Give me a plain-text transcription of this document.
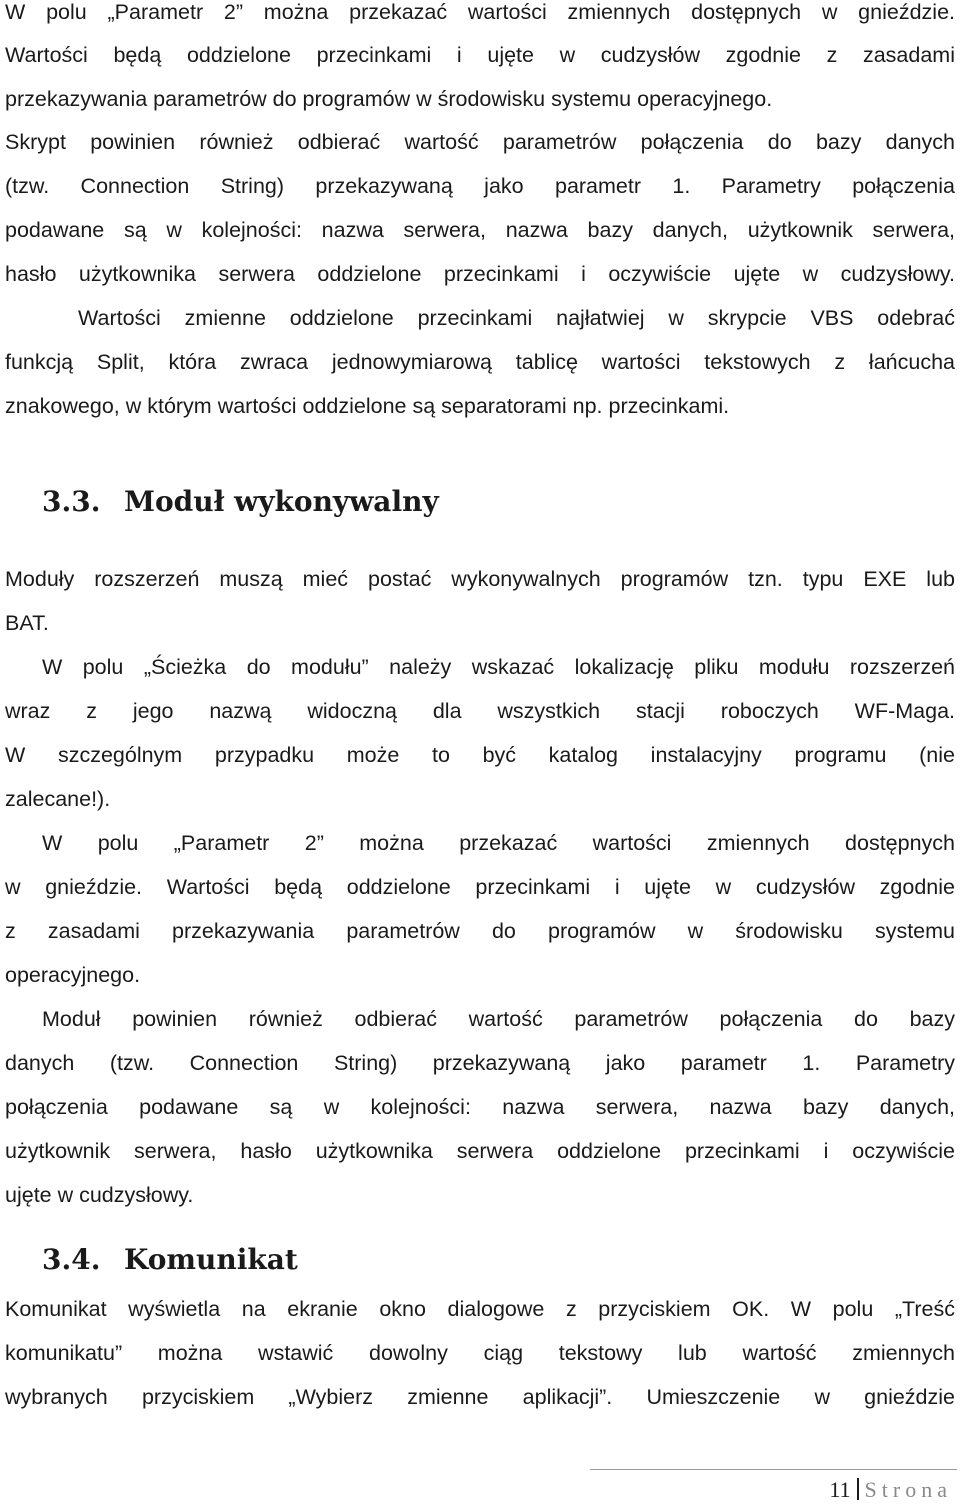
W polu „Parametr 2” można przekazać wartości zmiennych dostępnych w gnieździe.
Wartości będą oddzielone przecinkami i ujęte w cudzysłów zgodnie z zasadami
przekazywania parametrów do programów w środowisku systemu operacyjnego.
Skrypt powinien również odbierać wartość parametrów połączenia do bazy danych
(tzw. Connection String) przekazywaną jako parametr 1. Parametry połączenia
podawane są w kolejności: nazwa serwera, nazwa bazy danych, użytkownik serwera,
hasło użytkownika serwera oddzielone przecinkami i oczywiście ujęte w cudzysłowy.
Wartości zmienne oddzielone przecinkami najłatwiej w skrypcie VBS odebrać
funkcją Split, która zwraca jednowymiarową tablicę wartości tekstowych z łańcucha
znakowego, w którym wartości oddzielone są separatorami np. przecinkami.
3.3. Moduł wykonywalny
Moduły rozszerzeń muszą mieć postać wykonywalnych programów tzn. typu EXE lub
BAT.
W polu „Ścieżka do modułu” należy wskazać lokalizację pliku modułu rozszerzeń
wraz z jego nazwą widoczną dla wszystkich stacji roboczych WF-Maga.
W szczególnym przypadku może to być katalog instalacyjny programu (nie
zalecane!).
W polu „Parametr 2” można przekazać wartości zmiennych dostępnych
w gnieździe. Wartości będą oddzielone przecinkami i ujęte w cudzysłów zgodnie
z zasadami przekazywania parametrów do programów w środowisku systemu
operacyjnego.
Moduł powinien również odbierać wartość parametrów połączenia do bazy
danych (tzw. Connection String) przekazywaną jako parametr 1. Parametry
połączenia podawane są w kolejności: nazwa serwera, nazwa bazy danych,
użytkownik serwera, hasło użytkownika serwera oddzielone przecinkami i oczywiście
ujęte w cudzysłowy.
3.4. Komunikat
Komunikat wyświetla na ekranie okno dialogowe z przyciskiem OK. W polu „Treść
komunikatu” można wstawić dowolny ciąg tekstowy lub wartość zmiennych
wybranych przyciskiem „Wybierz zmienne aplikacji”. Umieszczenie w gnieździe
11 Strona
